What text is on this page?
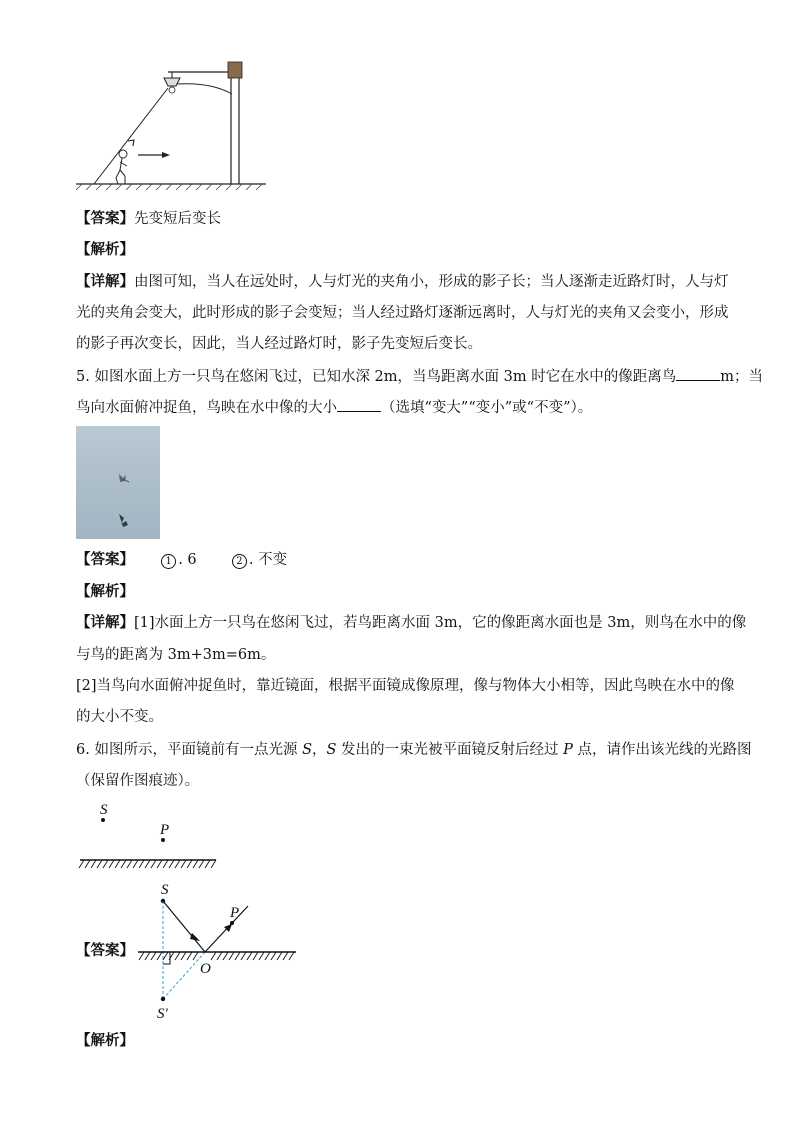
【答案】先变短后变长
【解析】
【详解】由图可知，当人在远处时，人与灯光的夹角小，形成的影子长；当人逐渐走近路灯时，人与灯
光的夹角会变大，此时形成的影子会变短；当人经过路灯逐渐远离时，人与灯光的夹角又会变小，形成
的影子再次变长，因此，当人经过路灯时，影子先变短后变长。
5. 如图水面上方一只鸟在悠闲飞过，已知水深 2m，当鸟距离水面 3m 时它在水中的像距离鸟	m；当
鸟向水面俯冲捉鱼，鸟映在水中像的大小	（选填“变大”“变小”或“不变”）。
【答案】	1 . 6	2 . 不变
【解析】
【详解】[1]水面上方一只鸟在悠闲飞过，若鸟距离水面 3m，它的像距离水面也是 3m，则鸟在水中的像
与鸟的距离为 3m+3m=6m。
[2]当鸟向水面俯冲捉鱼时，靠近镜面，根据平面镜成像原理，像与物体大小相等，因此鸟映在水中的像
的大小不变。
6. 如图所示，平面镜前有一点光源 S，S 发出的一束光被平面镜反射后经过 P 点，请作出该光线的光路图
（保留作图痕迹）。
S
P
【答案】
S
P
O
S′
【解析】
